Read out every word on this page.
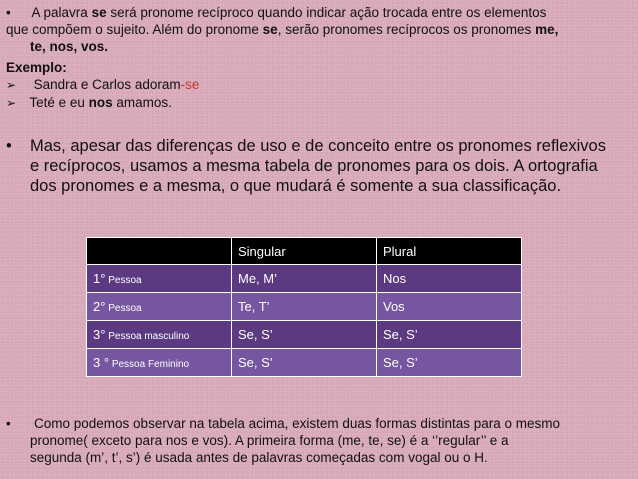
• A palavra se será pronome recíproco quando indicar ação trocada entre os elementos
que compõem o sujeito. Além do pronome se, serão pronomes recíprocos os pronomes me,
te, nos, vos.
Exemplo:
➢ Sandra e Carlos adoram-se
➢ Teté e eu nos amamos.
•	Mas, apesar das diferenças de uso e de conceito entre os pronomes reflexivos
e recíprocos, usamos a mesma tabela de pronomes para os dois. A ortografia
dos pronomes e a mesma, o que mudará é somente a sua classificação.
	Singular	Plural
1° Pessoa	Me, M’	Nos
2° Pessoa	Te, T’	Vos
3° Pessoa masculino	Se, S’	Se, S’
3 ° Pessoa Feminino	Se, S’	Se, S’
•	Como podemos observar na tabela acima, existem duas formas distintas para o mesmo
pronome( exceto para nos e vos). A primeira forma (me, te, se) é a ‘’regular’’ e a
segunda (m’, t’, s’) é usada antes de palavras começadas com vogal ou o H.
